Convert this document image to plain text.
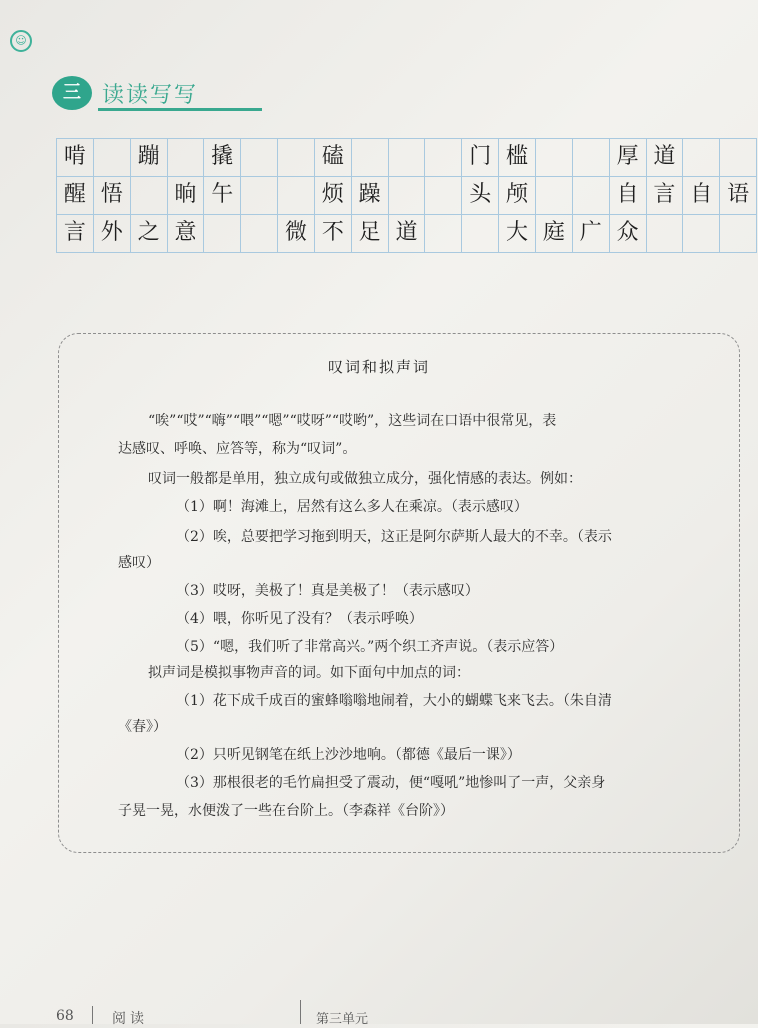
☺
三 读读写写
啃	蹦	撬	磕	门 槛	厚 道
醒 悟	晌 午	烦 躁	头 颅	自 言 自 语
言 外 之 意	微 不 足 道	大 庭 广 众
叹词和拟声词
“唉”“哎”“嗨”“喂”“嗯”“哎呀”“哎哟”，这些词在口语中很常见，表
达感叹、呼唤、应答等，称为“叹词”。
叹词一般都是单用，独立成句或做独立成分，强化情感的表达。例如：
（1）啊！海滩上，居然有这么多人在乘凉。（表示感叹）
（2）唉，总要把学习拖到明天，这正是阿尔萨斯人最大的不幸。（表示
感叹）
（3）哎呀，美极了！真是美极了！（表示感叹）
（4）喂，你听见了没有？（表示呼唤）
（5）“嗯，我们听了非常高兴。”两个织工齐声说。（表示应答）
拟声词是模拟事物声音的词。如下面句中加点的词：
（1）花下成千成百的蜜蜂嗡嗡地闹着，大小的蝴蝶飞来飞去。（朱自清
《春》）
（2）只听见钢笔在纸上沙沙地响。（都德《最后一课》）
（3）那根很老的毛竹扁担受了震动，便“嘎吼”地惨叫了一声，父亲身
子晃一晃，水便泼了一些在台阶上。（李森祥《台阶》）
68	阅读	第三单元
